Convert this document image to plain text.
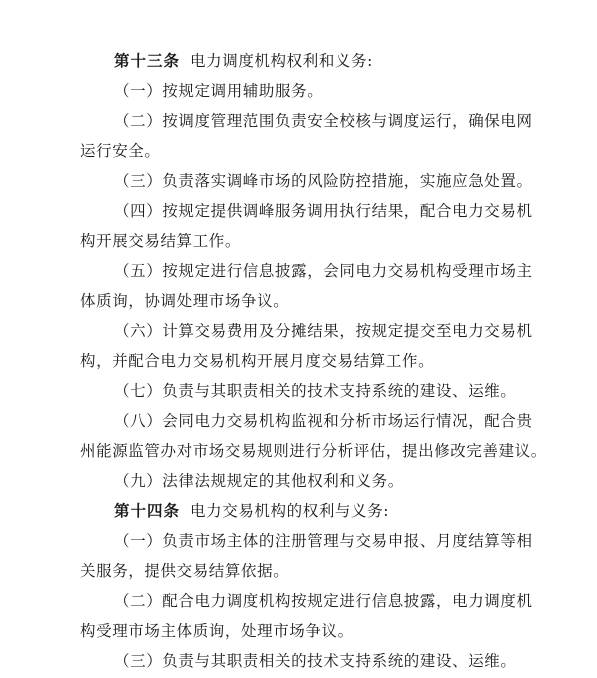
第十三条 电力调度机构权利和义务:
（一）按规定调用辅助服务。
（二）按调度管理范围负责安全校核与调度运行，确保电网
运行安全。
（三）负责落实调峰市场的风险防控措施，实施应急处置。
（四）按规定提供调峰服务调用执行结果，配合电力交易机
构开展交易结算工作。
（五）按规定进行信息披露，会同电力交易机构受理市场主
体质询，协调处理市场争议。
（六）计算交易费用及分摊结果，按规定提交至电力交易机
构，并配合电力交易机构开展月度交易结算工作。
（七）负责与其职责相关的技术支持系统的建设、运维。
（八）会同电力交易机构监视和分析市场运行情况，配合贵
州能源监管办对市场交易规则进行分析评估，提出修改完善建议。
（九）法律法规规定的其他权利和义务。
第十四条 电力交易机构的权利与义务:
（一）负责市场主体的注册管理与交易申报、月度结算等相
关服务，提供交易结算依据。
（二）配合电力调度机构按规定进行信息披露，电力调度机
构受理市场主体质询，处理市场争议。
（三）负责与其职责相关的技术支持系统的建设、运维。
